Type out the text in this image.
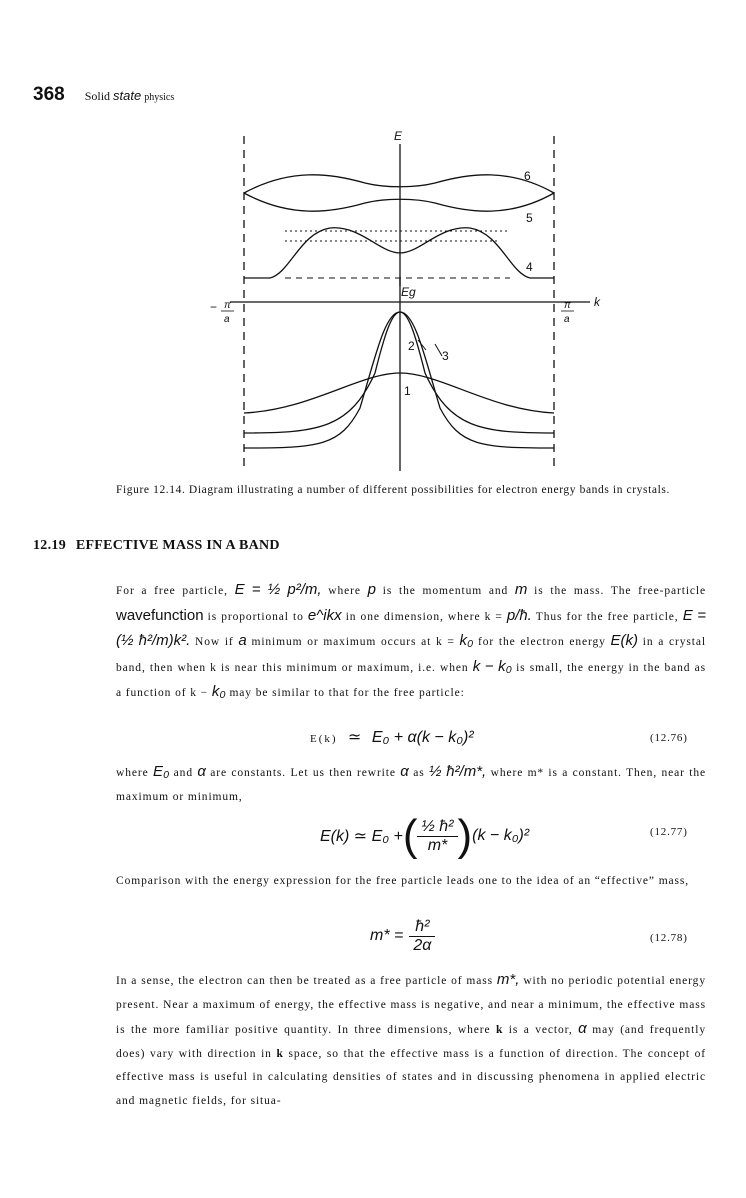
368 Solid state physics
E
k
Eg
− π
a
π
a
6
5
4
2
3
1
Figure 12.14. Diagram illustrating a number of different possibilities for electron energy bands in crystals.
12.19 EFFECTIVE MASS IN A BAND
For a free particle, E = ½ p²/m, where p is the momentum and m is the mass. The free-particle wavefunction is proportional to e^ikx in one dimension, where k = p/ħ. Thus for the free particle, E = (½ ħ²/m)k². Now if a minimum or maximum occurs at k = k₀ for the electron energy E(k) in a crystal band, then when k is near this minimum or maximum, i.e. when k − k₀ is small, the energy in the band as a function of k − k₀ may be similar to that for the free particle:
E(k) ≃ E₀ + α(k − k₀)²	(12.76)
where E₀ and α are constants. Let us then rewrite α as ½ ħ²/m*, where m* is a constant. Then, near the maximum or minimum,
E(k) ≃ E₀ + ( $\frac{\text{½ ħ²}}{m*}$ ) (k − k₀)²	(12.77)
Comparison with the energy expression for the free particle leads one to the idea of an “effective” mass,
$m* = \frac{\text{ħ²}}{2\alpha}$	(12.78)
In a sense, the electron can then be treated as a free particle of mass m*, with no periodic potential energy present. Near a maximum of energy, the effective mass is negative, and near a minimum, the effective mass is the more familiar positive quantity. In three dimensions, where k is a vector, α may (and frequently does) vary with direction in k space, so that the effective mass is a function of direction. The concept of effective mass is useful in calculating densities of states and in discussing phenomena in applied electric and magnetic fields, for situa-
